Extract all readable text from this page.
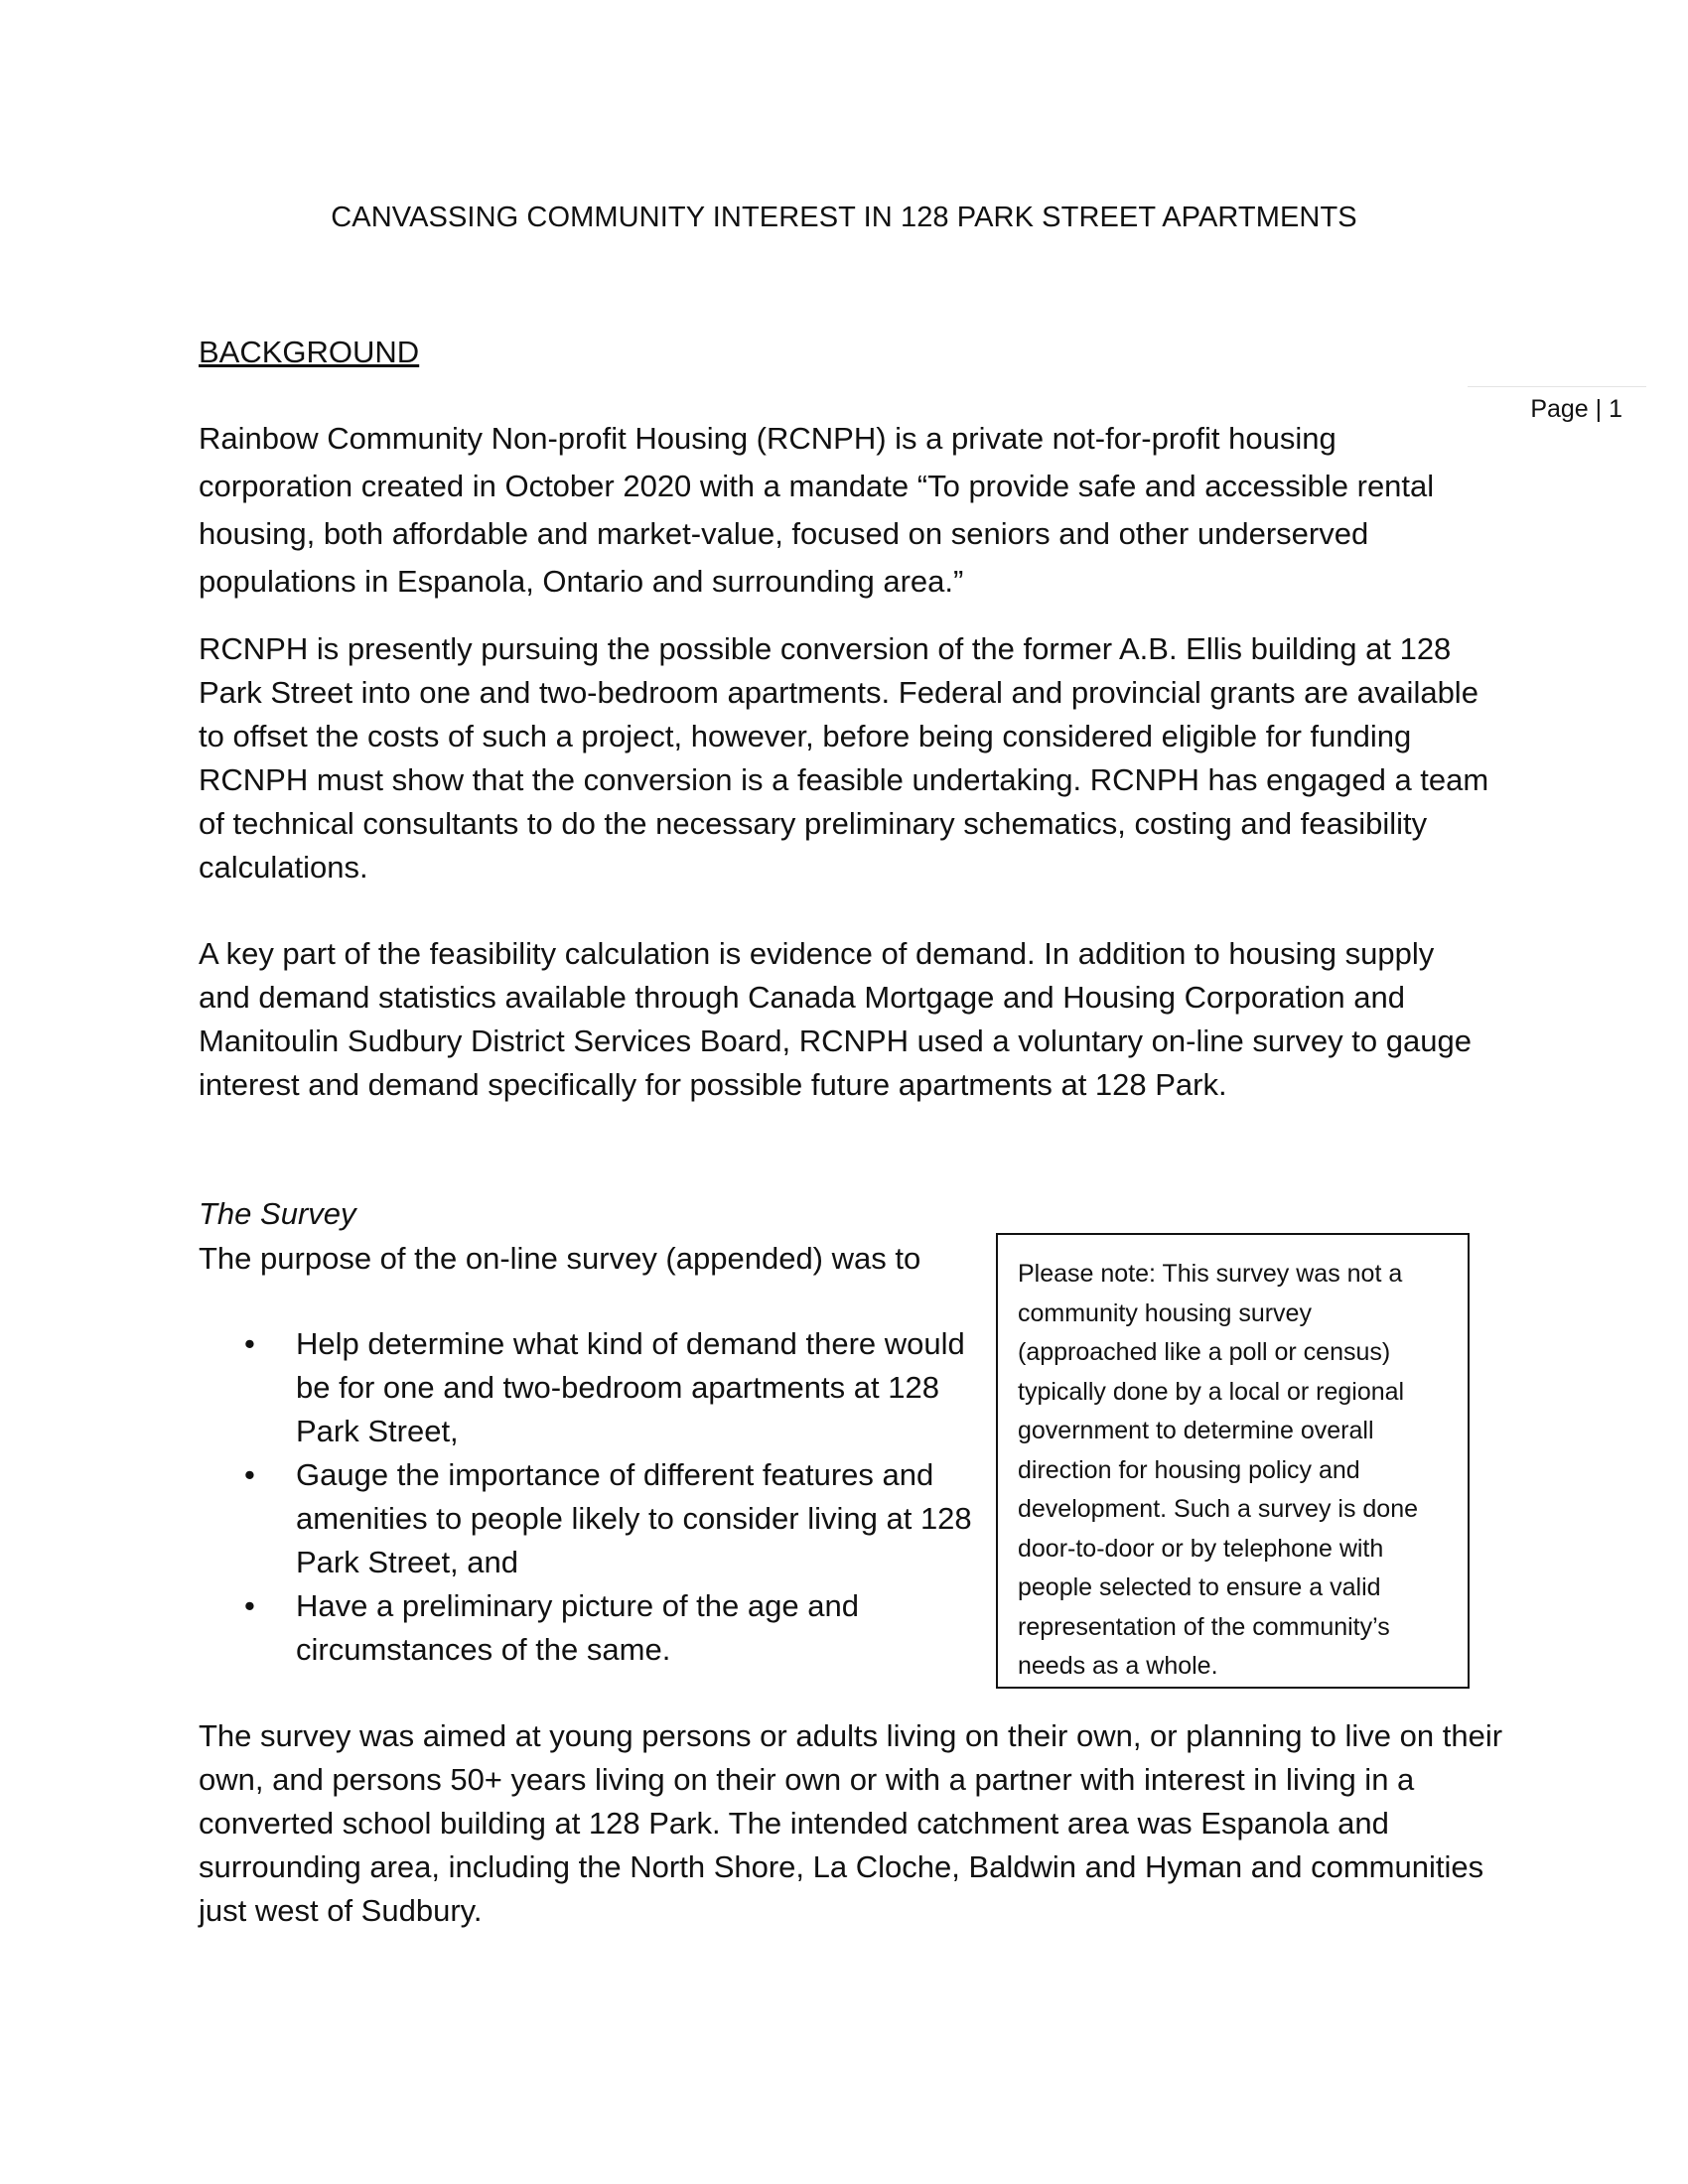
CANVASSING COMMUNITY INTEREST IN 128 PARK STREET APARTMENTS
BACKGROUND
Page | 1

Rainbow Community Non-profit Housing (RCNPH) is a private not-for-profit housing corporation created in October 2020 with a mandate “To provide safe and accessible rental housing, both affordable and market-value, focused on seniors and other underserved populations in Espanola, Ontario and surrounding area.”

RCNPH is presently pursuing the possible conversion of the former A.B. Ellis building at 128 Park Street into one and two-bedroom apartments. Federal and provincial grants are available to offset the costs of such a project, however, before being considered eligible for funding RCNPH must show that the conversion is a feasible undertaking. RCNPH has engaged a team of technical consultants to do the necessary preliminary schematics, costing and feasibility calculations.

A key part of the feasibility calculation is evidence of demand. In addition to housing supply and demand statistics available through Canada Mortgage and Housing Corporation and Manitoulin Sudbury District Services Board, RCNPH used a voluntary on-line survey to gauge interest and demand specifically for possible future apartments at 128 Park.

The Survey

The purpose of the on-line survey (appended) was to

• Help determine what kind of demand there would be for one and two-bedroom apartments at 128 Park Street,
• Gauge the importance of different features and amenities to people likely to consider living at 128 Park Street, and
• Have a preliminary picture of the age and circumstances of the same.
Please note: This survey was not a community housing survey (approached like a poll or census) typically done by a local or regional government to determine overall direction for housing policy and development. Such a survey is done door-to-door or by telephone with people selected to ensure a valid representation of the community’s needs as a whole.

The survey was aimed at young persons or adults living on their own, or planning to live on their own, and persons 50+ years living on their own or with a partner with interest in living in a converted school building at 128 Park. The intended catchment area was Espanola and surrounding area, including the North Shore, La Cloche, Baldwin and Hyman and communities just west of Sudbury.
